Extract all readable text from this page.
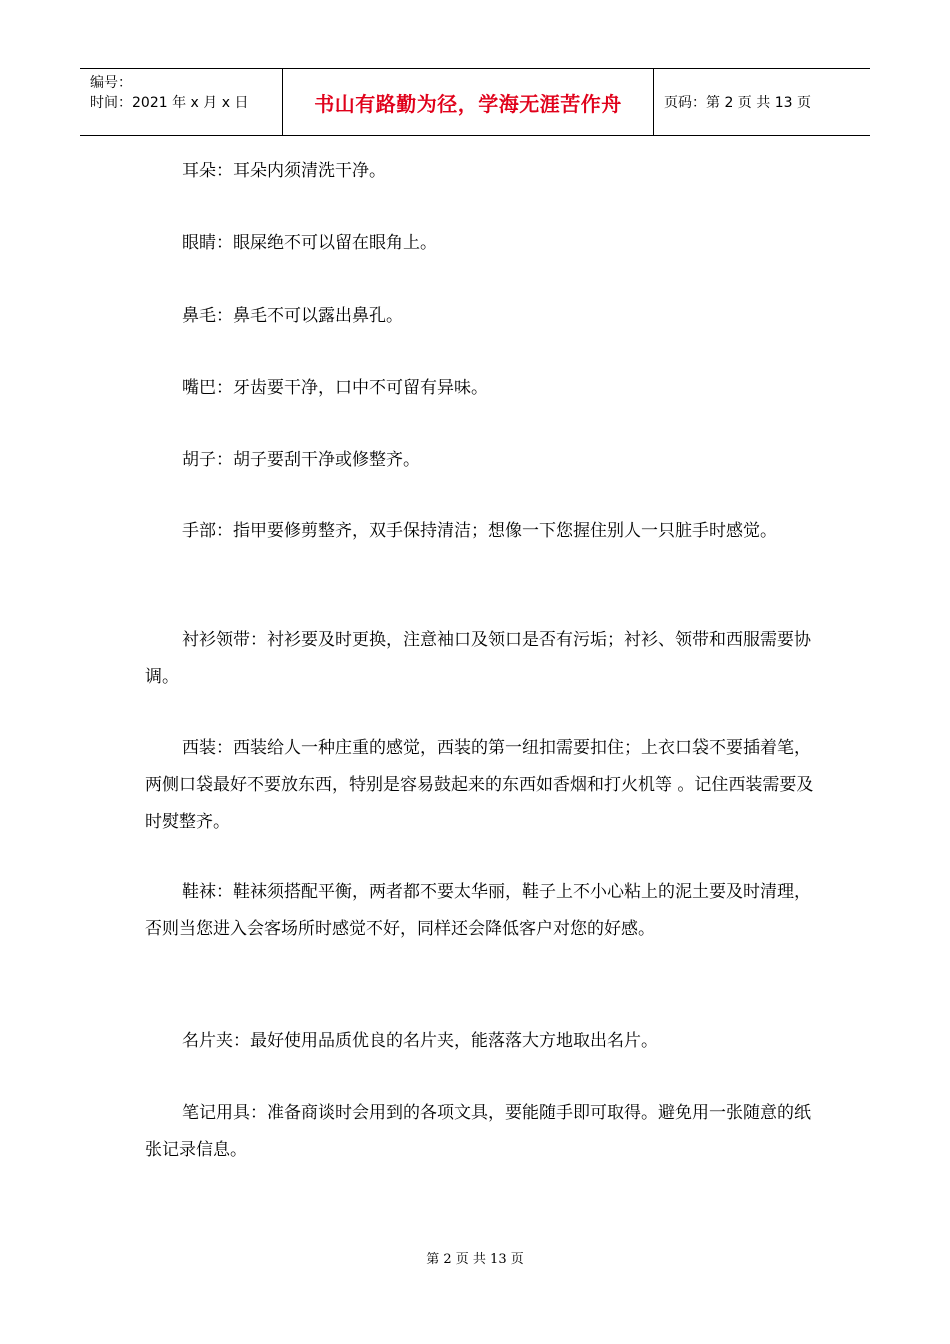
编号：
时间：2021 年 x 月 x 日	书山有路勤为径，学海无涯苦作舟	页码：第 2 页 共 13 页

耳朵：耳朵内须清洗干净。

眼睛：眼屎绝不可以留在眼角上。

鼻毛：鼻毛不可以露出鼻孔。

嘴巴：牙齿要干净，口中不可留有异味。

胡子：胡子要刮干净或修整齐。

手部：指甲要修剪整齐，双手保持清洁；想像一下您握住别人一只脏手时感觉。

衬衫领带：衬衫要及时更换，注意袖口及领口是否有污垢；衬衫、领带和西服需要协调。

西装：西装给人一种庄重的感觉，西装的第一纽扣需要扣住；上衣口袋不要插着笔，两侧口袋最好不要放东西，特别是容易鼓起来的东西如香烟和打火机等 。记住西装需要及时熨整齐。

鞋袜：鞋袜须搭配平衡，两者都不要太华丽，鞋子上不小心粘上的泥土要及时清理，否则当您进入会客场所时感觉不好，同样还会降低客户对您的好感。

名片夹：最好使用品质优良的名片夹，能落落大方地取出名片。

笔记用具：准备商谈时会用到的各项文具，要能随手即可取得。避免用一张随意的纸张记录信息。

第 2 页 共 13 页
